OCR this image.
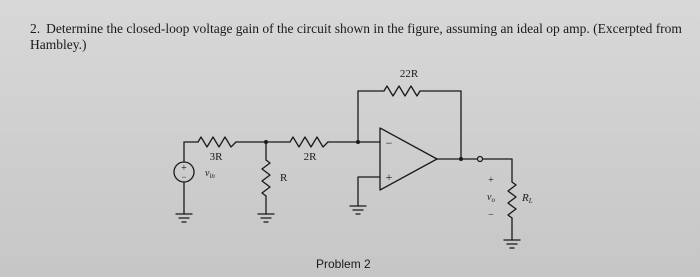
2. Determine the closed-loop voltage gain of the circuit shown in the figure, assuming an ideal op amp. (Excerpted from Hambley.)
+
− $v_{in}$
3R
R
2R
22R
−
+	+
$v_o$
−
RL
Problem 2
